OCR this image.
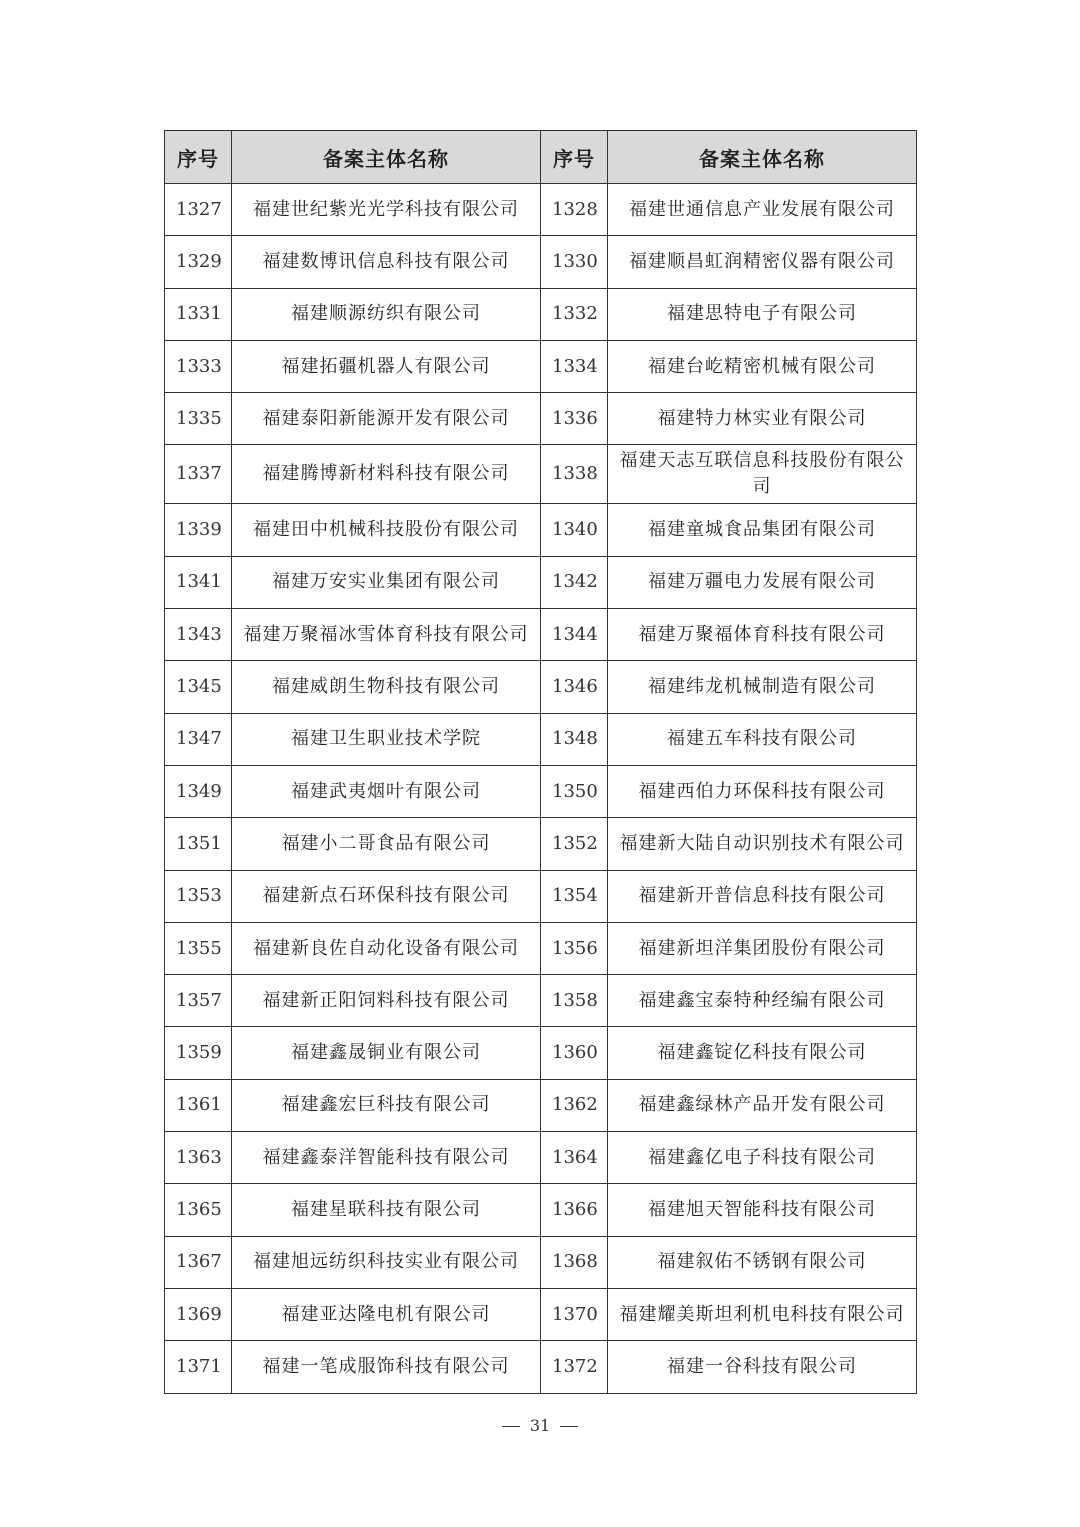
序号	备案主体名称	序号	备案主体名称
1327	福建世纪紫光光学科技有限公司	1328	福建世通信息产业发展有限公司
1329	福建数博讯信息科技有限公司	1330	福建顺昌虹润精密仪器有限公司
1331	福建顺源纺织有限公司	1332	福建思特电子有限公司
1333	福建拓疆机器人有限公司	1334	福建台屹精密机械有限公司
1335	福建泰阳新能源开发有限公司	1336	福建特力林实业有限公司
1337	福建腾博新材料科技有限公司	1338	福建天志互联信息科技股份有限公司
1339	福建田中机械科技股份有限公司	1340	福建童城食品集团有限公司
1341	福建万安实业集团有限公司	1342	福建万疆电力发展有限公司
1343	福建万聚福冰雪体育科技有限公司	1344	福建万聚福体育科技有限公司
1345	福建威朗生物科技有限公司	1346	福建纬龙机械制造有限公司
1347	福建卫生职业技术学院	1348	福建五车科技有限公司
1349	福建武夷烟叶有限公司	1350	福建西伯力环保科技有限公司
1351	福建小二哥食品有限公司	1352	福建新大陆自动识别技术有限公司
1353	福建新点石环保科技有限公司	1354	福建新开普信息科技有限公司
1355	福建新良佐自动化设备有限公司	1356	福建新坦洋集团股份有限公司
1357	福建新正阳饲料科技有限公司	1358	福建鑫宝泰特种经编有限公司
1359	福建鑫晟铜业有限公司	1360	福建鑫锭亿科技有限公司
1361	福建鑫宏巨科技有限公司	1362	福建鑫绿林产品开发有限公司
1363	福建鑫泰洋智能科技有限公司	1364	福建鑫亿电子科技有限公司
1365	福建星联科技有限公司	1366	福建旭天智能科技有限公司
1367	福建旭远纺织科技实业有限公司	1368	福建叙佑不锈钢有限公司
1369	福建亚达隆电机有限公司	1370	福建耀美斯坦利机电科技有限公司
1371	福建一笔成服饰科技有限公司	1372	福建一谷科技有限公司
31
